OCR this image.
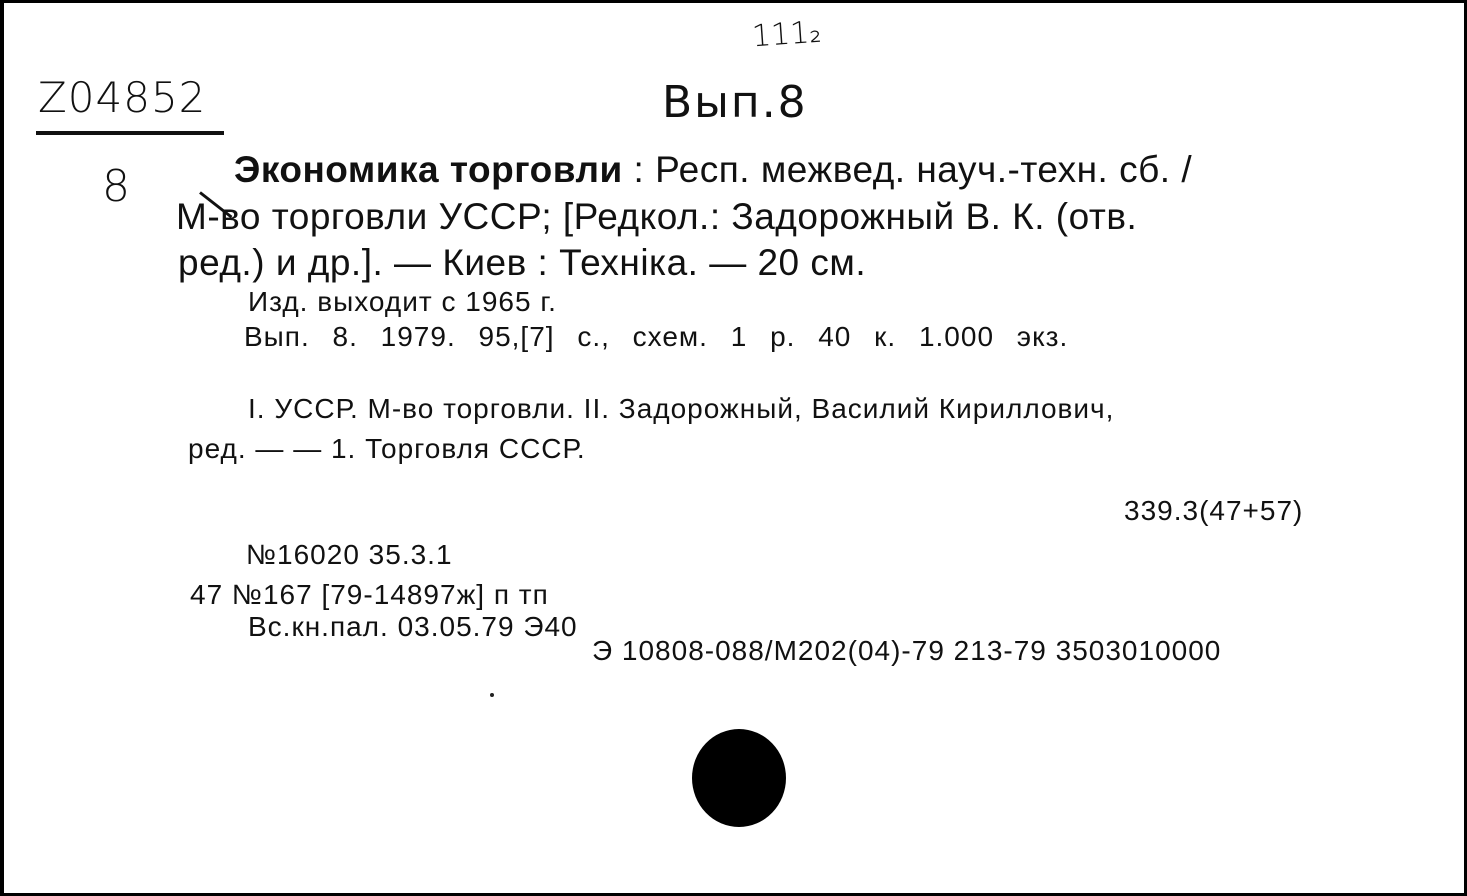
Z04852
111₂
Вып.8
8	Экономика торговли : Респ. межвед. науч.-техн. сб. /
М-во торговли УССР; [Редкол.: Задорожный В. К. (отв.
ред.) и др.]. — Киев : Техніка. — 20 см.
Изд. выходит с 1965 г.
Вып. 8. 1979. 95,[7] с., схем. 1 р. 40 к. 1.000 экз.
I. УССР. М-во торговли. II. Задорожный, Василий Кириллович,
ред. — — 1. Торговля СССР.
339.3(47+57)
№16020 35.3.1
47 №167 [79-14897ж] п тп
Вс.кн.пал. 03.05.79 Э40
Э 10808-088/М202(04)-79 213-79 3503010000
